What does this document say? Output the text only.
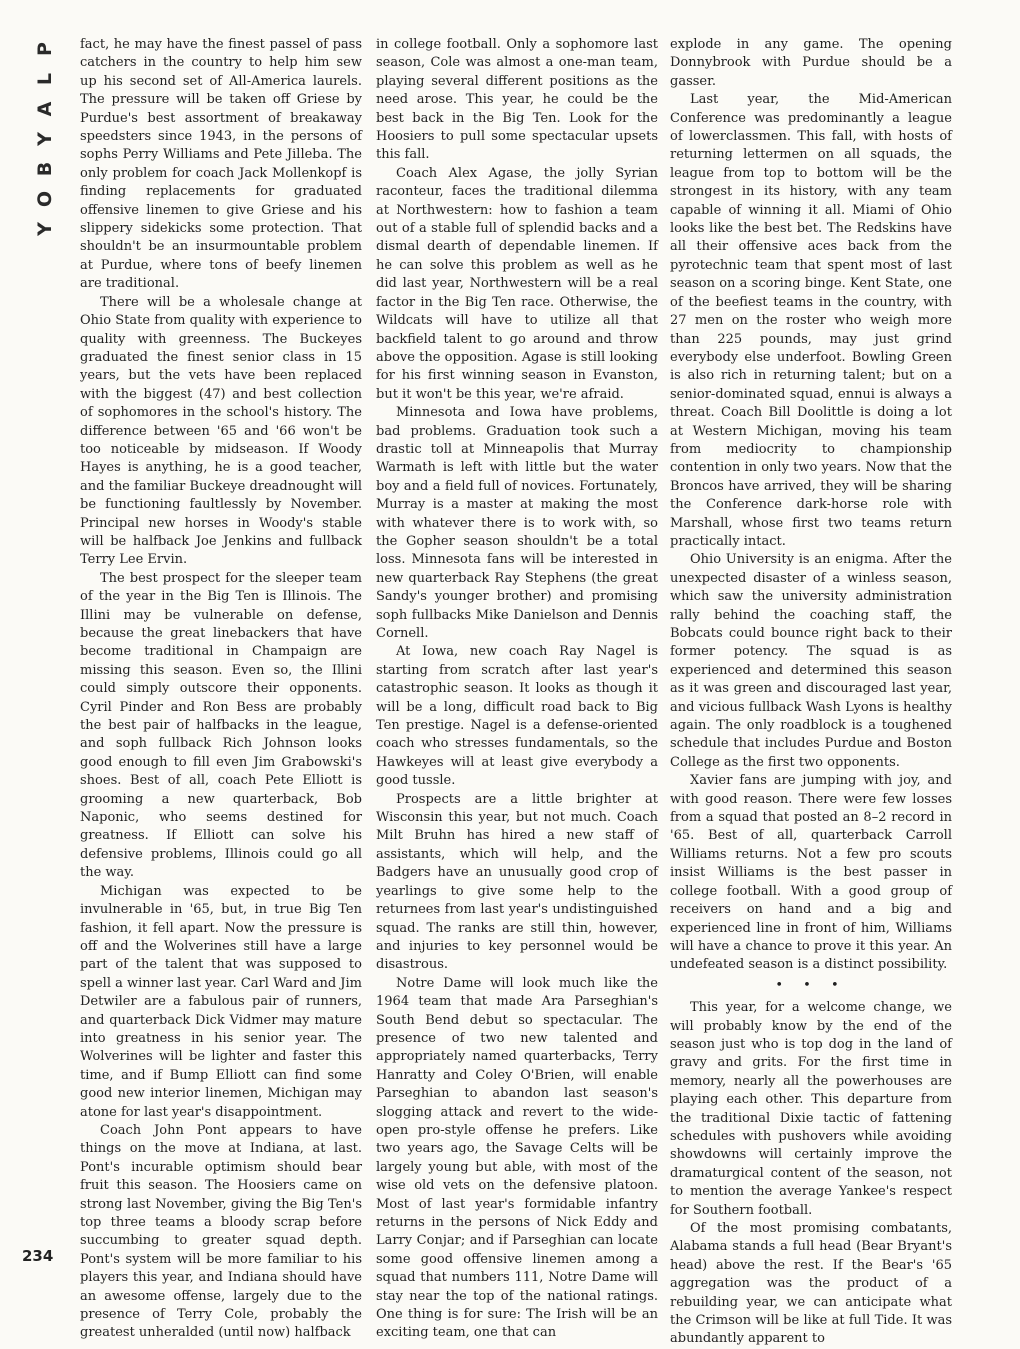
P
L
A
Y
B
O
Y
234

fact, he may have the finest passel of pass catchers in the country to help him sew up his second set of All-America laurels. The pressure will be taken off Griese by Purdue's best assortment of breakaway speedsters since 1943, in the persons of sophs Perry Williams and Pete Jilleba. The only problem for coach Jack Mollenkopf is finding replacements for graduated offensive linemen to give Griese and his slippery sidekicks some protection. That shouldn't be an insurmountable problem at Purdue, where tons of beefy linemen are traditional.

There will be a wholesale change at Ohio State from quality with experience to quality with greenness. The Buckeyes graduated the finest senior class in 15 years, but the vets have been replaced with the biggest (47) and best collection of sophomores in the school's history. The difference between '65 and '66 won't be too noticeable by midseason. If Woody Hayes is anything, he is a good teacher, and the familiar Buckeye dreadnought will be functioning faultlessly by November. Principal new horses in Woody's stable will be halfback Joe Jenkins and fullback Terry Lee Ervin.

The best prospect for the sleeper team of the year in the Big Ten is Illinois. The Illini may be vulnerable on defense, because the great linebackers that have become traditional in Champaign are missing this season. Even so, the Illini could simply outscore their opponents. Cyril Pinder and Ron Bess are probably the best pair of halfbacks in the league, and soph fullback Rich Johnson looks good enough to fill even Jim Grabowski's shoes. Best of all, coach Pete Elliott is grooming a new quarterback, Bob Naponic, who seems destined for greatness. If Elliott can solve his defensive problems, Illinois could go all the way.

Michigan was expected to be invulnerable in '65, but, in true Big Ten fashion, it fell apart. Now the pressure is off and the Wolverines still have a large part of the talent that was supposed to spell a winner last year. Carl Ward and Jim Detwiler are a fabulous pair of runners, and quarterback Dick Vidmer may mature into greatness in his senior year. The Wolverines will be lighter and faster this time, and if Bump Elliott can find some good new interior linemen, Michigan may atone for last year's disappointment.

Coach John Pont appears to have things on the move at Indiana, at last. Pont's incurable optimism should bear fruit this season. The Hoosiers came on strong last November, giving the Big Ten's top three teams a bloody scrap before succumbing to greater squad depth. Pont's system will be more familiar to his players this year, and Indiana should have an awesome offense, largely due to the presence of Terry Cole, probably the greatest unheralded (until now) halfback

in college football. Only a sophomore last season, Cole was almost a one-man team, playing several different positions as the need arose. This year, he could be the best back in the Big Ten. Look for the Hoosiers to pull some spectacular upsets this fall.

Coach Alex Agase, the jolly Syrian raconteur, faces the traditional dilemma at Northwestern: how to fashion a team out of a stable full of splendid backs and a dismal dearth of dependable linemen. If he can solve this problem as well as he did last year, Northwestern will be a real factor in the Big Ten race. Otherwise, the Wildcats will have to utilize all that backfield talent to go around and throw above the opposition. Agase is still looking for his first winning season in Evanston, but it won't be this year, we're afraid.

Minnesota and Iowa have problems, bad problems. Graduation took such a drastic toll at Minneapolis that Murray Warmath is left with little but the water boy and a field full of novices. Fortunately, Murray is a master at making the most with whatever there is to work with, so the Gopher season shouldn't be a total loss. Minnesota fans will be interested in new quarterback Ray Stephens (the great Sandy's younger brother) and promising soph fullbacks Mike Danielson and Dennis Cornell.

At Iowa, new coach Ray Nagel is starting from scratch after last year's catastrophic season. It looks as though it will be a long, difficult road back to Big Ten prestige. Nagel is a defense-oriented coach who stresses fundamentals, so the Hawkeyes will at least give everybody a good tussle.

Prospects are a little brighter at Wisconsin this year, but not much. Coach Milt Bruhn has hired a new staff of assistants, which will help, and the Badgers have an unusually good crop of yearlings to give some help to the returnees from last year's undistinguished squad. The ranks are still thin, however, and injuries to key personnel would be disastrous.

Notre Dame will look much like the 1964 team that made Ara Parseghian's South Bend debut so spectacular. The presence of two new talented and appropriately named quarterbacks, Terry Hanratty and Coley O'Brien, will enable Parseghian to abandon last season's slogging attack and revert to the wide-open pro-style offense he prefers. Like two years ago, the Savage Celts will be largely young but able, with most of the wise old vets on the defensive platoon. Most of last year's formidable infantry returns in the persons of Nick Eddy and Larry Conjar; and if Parseghian can locate some good offensive linemen among a squad that numbers 111, Notre Dame will stay near the top of the national ratings. One thing is for sure: The Irish will be an exciting team, one that can

explode in any game. The opening Donnybrook with Purdue should be a gasser.

Last year, the Mid-American Conference was predominantly a league of lowerclassmen. This fall, with hosts of returning lettermen on all squads, the league from top to bottom will be the strongest in its history, with any team capable of winning it all. Miami of Ohio looks like the best bet. The Redskins have all their offensive aces back from the pyrotechnic team that spent most of last season on a scoring binge. Kent State, one of the beefiest teams in the country, with 27 men on the roster who weigh more than 225 pounds, may just grind everybody else underfoot. Bowling Green is also rich in returning talent; but on a senior-dominated squad, ennui is always a threat. Coach Bill Doolittle is doing a lot at Western Michigan, moving his team from mediocrity to championship contention in only two years. Now that the Broncos have arrived, they will be sharing the Conference dark-horse role with Marshall, whose first two teams return practically intact.

Ohio University is an enigma. After the unexpected disaster of a winless season, which saw the university administration rally behind the coaching staff, the Bobcats could bounce right back to their former potency. The squad is as experienced and determined this season as it was green and discouraged last year, and vicious fullback Wash Lyons is healthy again. The only roadblock is a toughened schedule that includes Purdue and Boston College as the first two opponents.

Xavier fans are jumping with joy, and with good reason. There were few losses from a squad that posted an 8–2 record in '65. Best of all, quarterback Carroll Williams returns. Not a few pro scouts insist Williams is the best passer in college football. With a good group of receivers on hand and a big and experienced line in front of him, Williams will have a chance to prove it this year. An undefeated season is a distinct possibility.

• • •

This year, for a welcome change, we will probably know by the end of the season just who is top dog in the land of gravy and grits. For the first time in memory, nearly all the powerhouses are playing each other. This departure from the traditional Dixie tactic of fattening schedules with pushovers while avoiding showdowns will certainly improve the dramaturgical content of the season, not to mention the average Yankee's respect for Southern football.

Of the most promising combatants, Alabama stands a full head (Bear Bryant's head) above the rest. If the Bear's '65 aggregation was the product of a rebuilding year, we can anticipate what the Crimson will be like at full Tide. It was abundantly apparent to
